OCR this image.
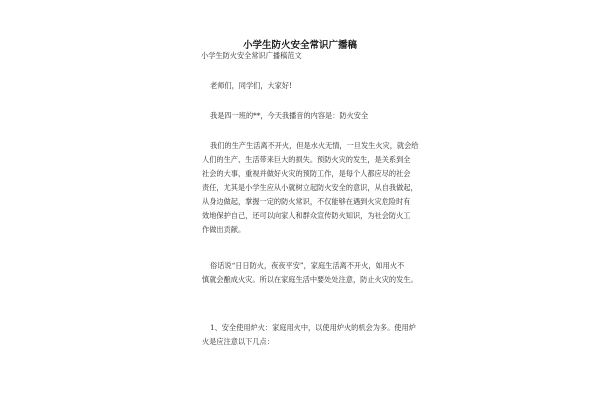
小学生防火安全常识广播稿
小学生防火安全常识广播稿范文
老师们，同学们，大家好!
我是四一班的**，今天我播音的内容是：防火安全
我们的生产生活离不开火，但是水火无情，一旦发生火灾，就会给
人们的生产、生活带来巨大的损失。预防火灾的发生，是关系到全
社会的大事，重视并做好火灾的预防工作，是每个人都应尽的社会
责任，尤其是小学生应从小就树立起防火安全的意识，从自我做起，
从身边做起，掌握一定的防火常识，不仅能够在遇到火灾危险时有
效地保护自己，还可以向家人和群众宣传防火知识，为社会防火工
作做出贡献。
俗话说“日日防火，夜夜平安”，家庭生活离不开火，如用火不
慎就会酿成火灾。所以在家庭生活中要处处注意，防止火灾的发生。
1、安全使用炉火：家庭用火中，以使用炉火的机会为多。使用炉
火是应注意以下几点：
